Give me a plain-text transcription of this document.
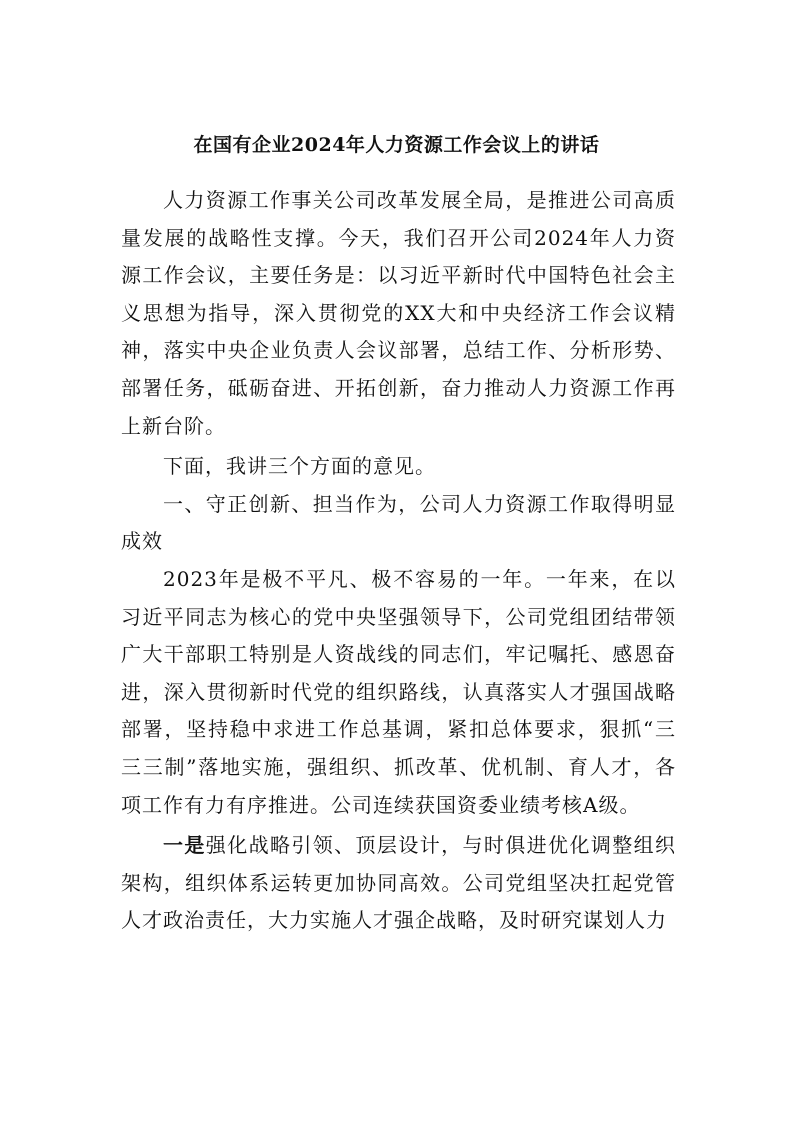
在国有企业2024年人力资源工作会议上的讲话

人力资源工作事关公司改革发展全局，是推进公司高质量发展的战略性支撑。今天，我们召开公司2024年人力资源工作会议，主要任务是：以习近平新时代中国特色社会主义思想为指导，深入贯彻党的XX大和中央经济工作会议精神，落实中央企业负责人会议部署，总结工作、分析形势、部署任务，砥砺奋进、开拓创新，奋力推动人力资源工作再上新台阶。

下面，我讲三个方面的意见。

一、守正创新、担当作为，公司人力资源工作取得明显成效

2023年是极不平凡、极不容易的一年。一年来，在以习近平同志为核心的党中央坚强领导下，公司党组团结带领广大干部职工特别是人资战线的同志们，牢记嘱托、感恩奋进，深入贯彻新时代党的组织路线，认真落实人才强国战略部署，坚持稳中求进工作总基调，紧扣总体要求，狠抓“三三三制”落地实施，强组织、抓改革、优机制、育人才，各项工作有力有序推进。公司连续获国资委业绩考核A级。

一是强化战略引领、顶层设计，与时俱进优化调整组织架构，组织体系运转更加协同高效。公司党组坚决扛起党管人才政治责任，大力实施人才强企战略，及时研究谋划人力
